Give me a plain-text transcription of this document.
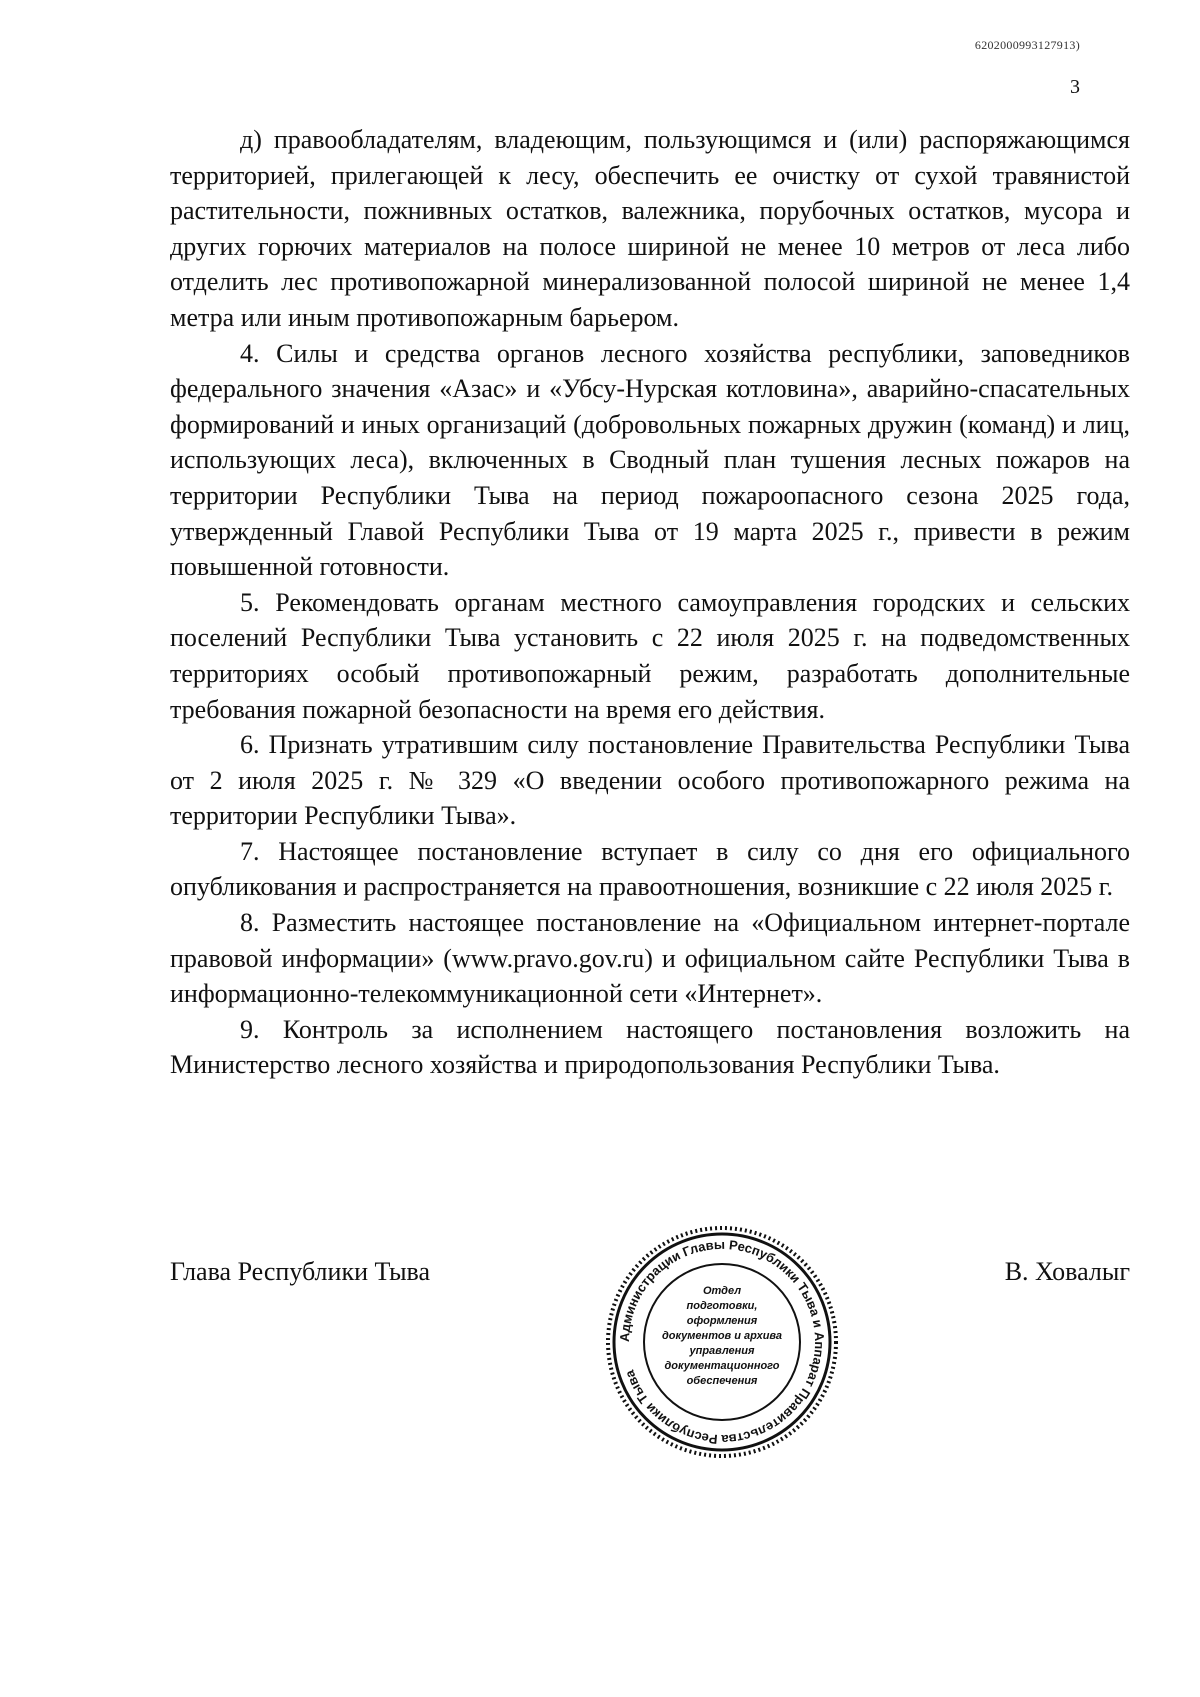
6202000993127913)
3

д) правообладателям, владеющим, пользующимся и (или) распоряжающимся территорией, прилегающей к лесу, обеспечить ее очистку от сухой травянистой растительности, пожнивных остатков, валежника, порубочных остатков, мусора и других горючих материалов на полосе шириной не менее 10 метров от леса либо отделить лес противопожарной минерализованной полосой шириной не менее 1,4 метра или иным противопожарным барьером.

4. Силы и средства органов лесного хозяйства республики, заповедников федерального значения «Азас» и «Убсу-Нурская котловина», аварийно-спасательных формирований и иных организаций (добровольных пожарных дружин (команд) и лиц, использующих леса), включенных в Сводный план тушения лесных пожаров на территории Республики Тыва на период пожароопасного сезона 2025 года, утвержденный Главой Республики Тыва от 19 марта 2025 г., привести в режим повышенной готовности.

5. Рекомендовать органам местного самоуправления городских и сельских поселений Республики Тыва установить с 22 июля 2025 г. на подведомственных территориях особый противопожарный режим, разработать дополнительные требования пожарной безопасности на время его действия.

6. Признать утратившим силу постановление Правительства Республики Тыва от 2 июля 2025 г. № 329 «О введении особого противопожарного режима на территории Республики Тыва».

7. Настоящее постановление вступает в силу со дня его официального опубликования и распространяется на правоотношения, возникшие с 22 июля 2025 г.

8. Разместить настоящее постановление на «Официальном интернет-портале правовой информации» (www.pravo.gov.ru) и официальном сайте Республики Тыва в информационно-телекоммуникационной сети «Интернет».

9. Контроль за исполнением настоящего постановления возложить на Министерство лесного хозяйства и природопользования Республики Тыва.

Глава Республики Тыва	В. Ховалыг
Администрации Главы Республики Тыва и Аппарат Правительства Республики Тыва
Отдел
подготовки,
оформления
документов и архива
управления
документационного
обеспечения
